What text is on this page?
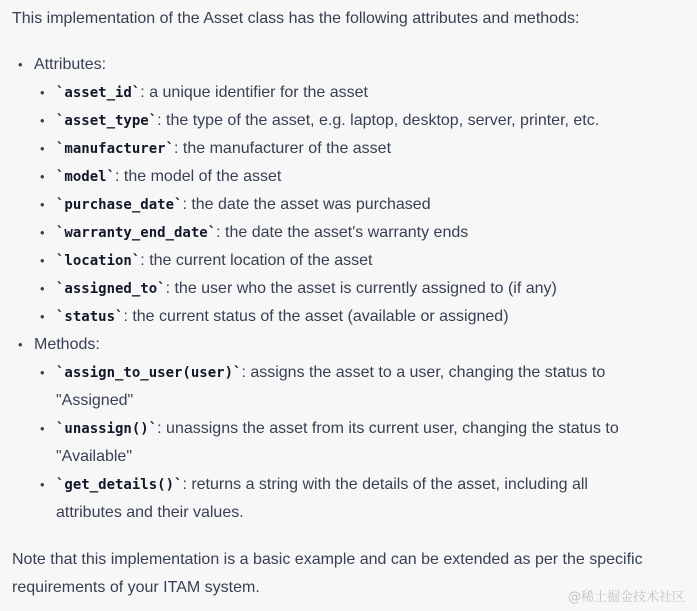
This implementation of the Asset class has the following attributes and methods:
• Attributes:
• `asset_id`: a unique identifier for the asset
• `asset_type`: the type of the asset, e.g. laptop, desktop, server, printer, etc.
• `manufacturer`: the manufacturer of the asset
• `model`: the model of the asset
• `purchase_date`: the date the asset was purchased
• `warranty_end_date`: the date the asset's warranty ends
• `location`: the current location of the asset
• `assigned_to`: the user who the asset is currently assigned to (if any)
• `status`: the current status of the asset (available or assigned)
• Methods:
• `assign_to_user(user)`: assigns the asset to a user, changing the status to "Assigned"
• `unassign()`: unassigns the asset from its current user, changing the status to "Available"
• `get_details()`: returns a string with the details of the asset, including all attributes and their values.
Note that this implementation is a basic example and can be extended as per the specific requirements of your ITAM system.
@稀土掘金技术社区
